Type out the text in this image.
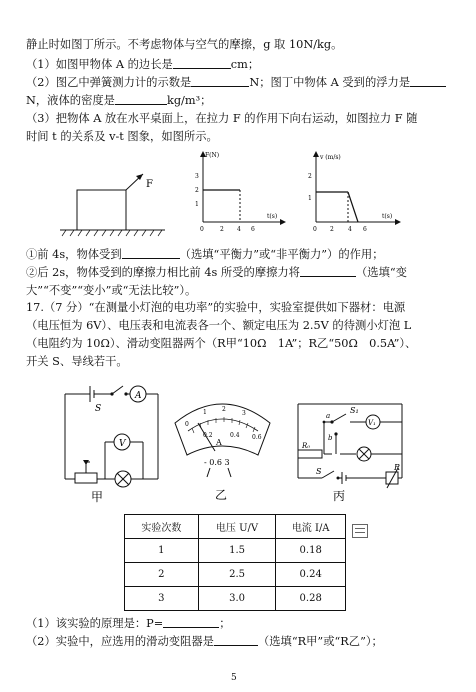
静止时如图丁所示。不考虑物体与空气的摩擦，g 取 10N/kg。
（1）如图甲物体 A 的边长是	cm；
（2）图乙中弹簧测力计的示数是	N；图丁中物体 A 受到的浮力是
N，液体的密度是	kg/m³；
（3）把物体 A 放在水平桌面上，在拉力 F 的作用下向右运动，如图拉力 F 随
时间 t 的关系及 v-t 图象，如图所示。
F
F(N)
t(s)
3
2
1
0	2 4 6
v (m/s)
t(s)
2
1
0 2 4 6
①前 4s，物体受到	（选填“平衡力”或“非平衡力”）的作用；
②后 2s，物体受到的摩擦力相比前 4s 所受的摩擦力将	（选填“变
大”“不变”“变小”或“无法比较”）。
17.（7 分）“在测量小灯泡的电功率”的实验中，实验室提供如下器材：电源
（电压恒为 6V）、电压表和电流表各一个、额定电压为 2.5V 的待测小灯泡 L
（电阻约为 10Ω）、滑动变阻器两个（R甲“10Ω　1A”；R乙“50Ω　0.5A”）、
开关 S、导线若干。
A
V
S
甲
0
0.2	0.4 0.6
1	2
3
A
- 0.6 3
乙
S₁
V₁
a
b
R₀
S	R
丙
实验次数	电压 U/V	电流 I/A
1	1.5	0.18
2	2.5	0.24
3	3.0	0.28
（1）该实验的原理是：P=	；
（2）实验中，应选用的滑动变阻器是	（选填“R甲”或“R乙”）；
5
